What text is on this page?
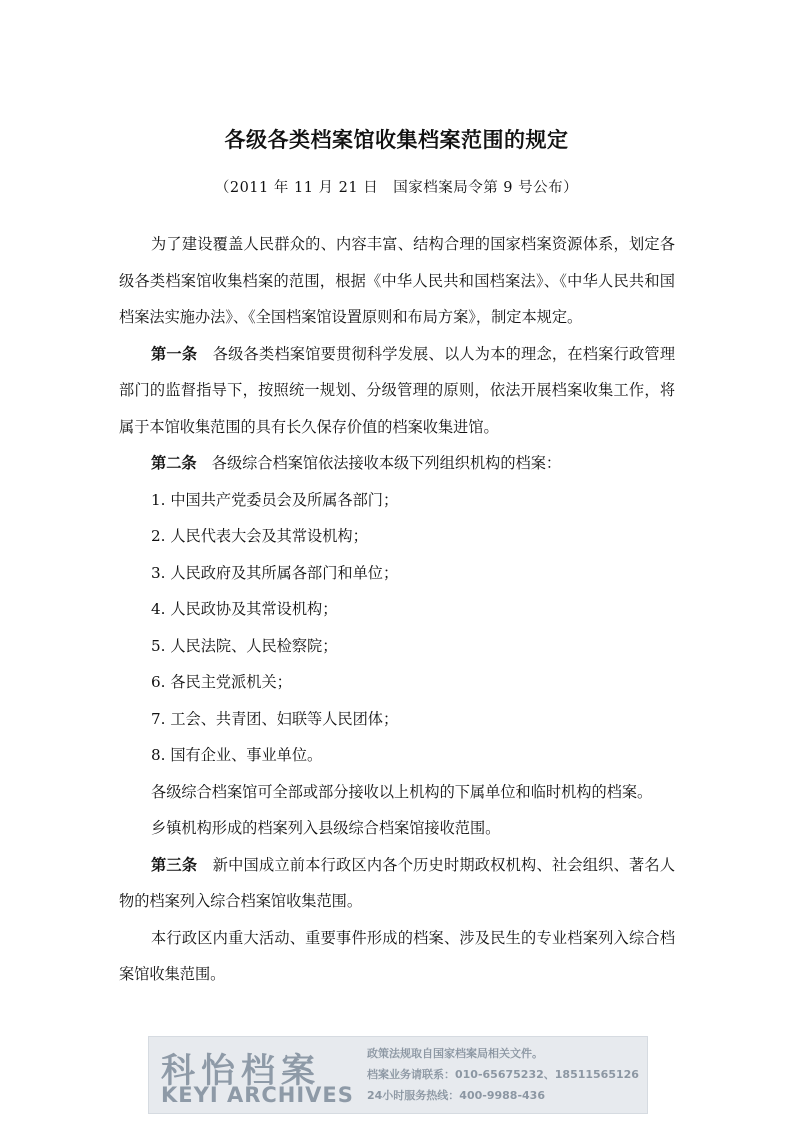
各级各类档案馆收集档案范围的规定
（2011 年 11 月 21 日　国家档案局令第 9 号公布）

为了建设覆盖人民群众的、内容丰富、结构合理的国家档案资源体系，划定各级各类档案馆收集档案的范围，根据《中华人民共和国档案法》、《中华人民共和国档案法实施办法》、《全国档案馆设置原则和布局方案》，制定本规定。

第一条　 各级各类档案馆要贯彻科学发展、以人为本的理念，在档案行政管理部门的监督指导下，按照统一规划、分级管理的原则，依法开展档案收集工作，将属于本馆收集范围的具有长久保存价值的档案收集进馆。

第二条　 各级综合档案馆依法接收本级下列组织机构的档案：

1. 中国共产党委员会及所属各部门；

2. 人民代表大会及其常设机构；

3. 人民政府及其所属各部门和单位；

4. 人民政协及其常设机构；

5. 人民法院、人民检察院；

6. 各民主党派机关；

7. 工会、共青团、妇联等人民团体；

8. 国有企业、事业单位。

各级综合档案馆可全部或部分接收以上机构的下属单位和临时机构的档案。

乡镇机构形成的档案列入县级综合档案馆接收范围。

第三条　 新中国成立前本行政区内各个历史时期政权机构、社会组织、著名人物的档案列入综合档案馆收集范围。

本行政区内重大活动、重要事件形成的档案、涉及民生的专业档案列入综合档案馆收集范围。

科怡档案
KEYI ARCHIVES
政策法规取自国家档案局相关文件。
档案业务请联系：010-65675232、18511565126
24小时服务热线：400-9988-436
